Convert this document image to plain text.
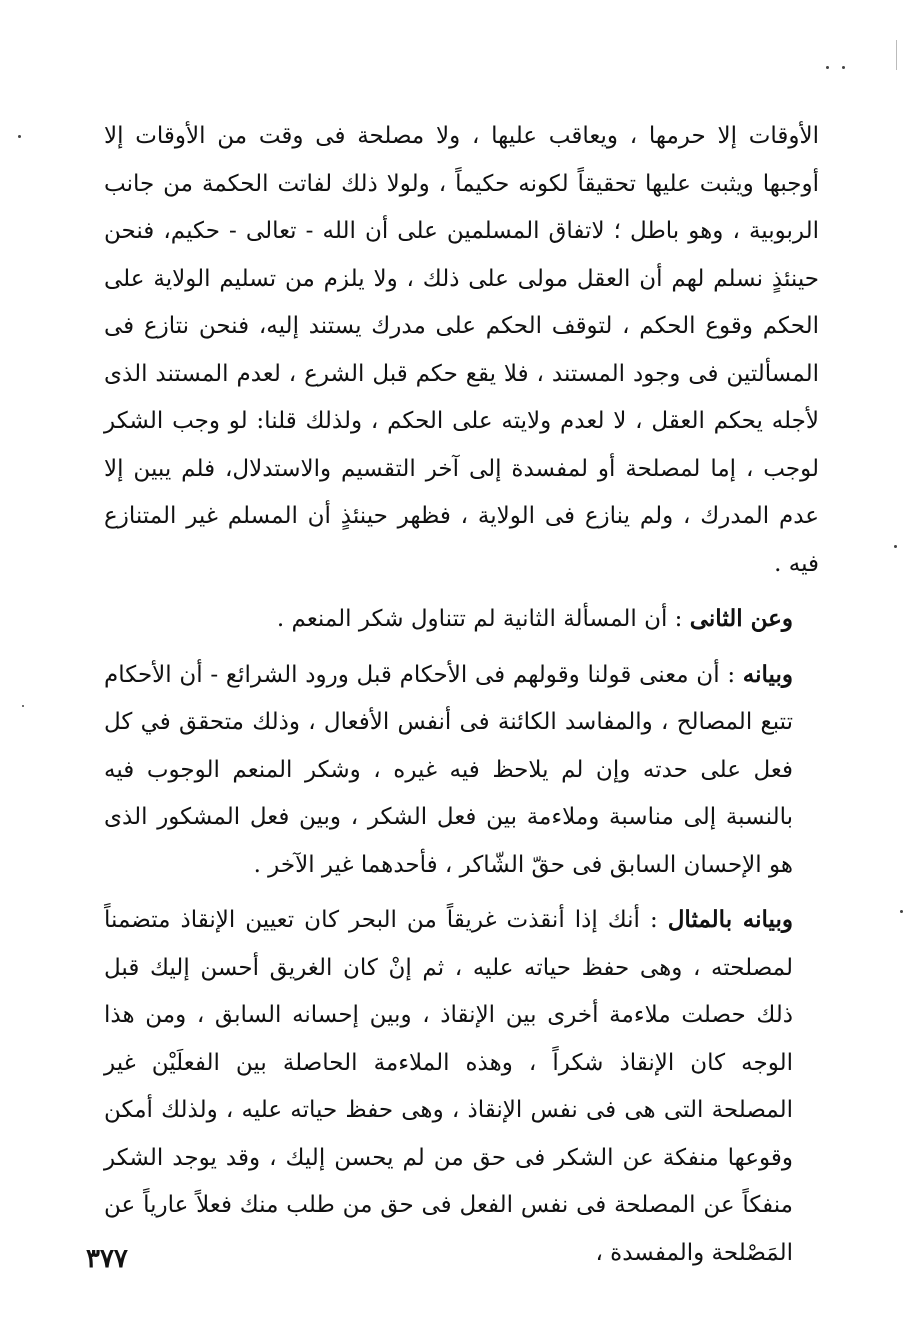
الأوقات إلا حرمها ، ويعاقب عليها ، ولا مصلحة فى وقت من الأوقات إلا أوجبها ويثبت عليها تحقيقاً لكونه حكيماً ، ولولا ذلك لفاتت الحكمة من جانب الربوبية ، وهو باطل ؛ لاتفاق المسلمين على أن الله - تعالى - حكيم، فنحن حينئذٍ نسلم لهم أن العقل مولى على ذلك ، ولا يلزم من تسليم الولاية على الحكم وقوع الحكم ، لتوقف الحكم على مدرك يستند إليه، فنحن نتازع فى المسألتين فى وجود المستند ، فلا يقع حكم قبل الشرع ، لعدم المستند الذى لأجله يحكم العقل ، لا لعدم ولايته على الحكم ، ولذلك قلنا: لو وجب الشكر لوجب ، إما لمصلحة أو لمفسدة إلى آخر التقسيم والاستدلال، فلم يبين إلا عدم المدرك ، ولم ينازع فى الولاية ، فظهر حينئذٍ أن المسلم غير المتنازع فيه .

وعن الثانى : أن المسألة الثانية لم تتناول شكر المنعم .

وبيانه : أن معنى قولنا وقولهم فى الأحكام قبل ورود الشرائع - أن الأحكام تتبع المصالح ، والمفاسد الكائنة فى أنفس الأفعال ، وذلك متحقق في كل فعل على حدته وإن لم يلاحظ فيه غيره ، وشكر المنعم الوجوب فيه بالنسبة إلى مناسبة وملاءمة بين فعل الشكر ، وبين فعل المشكور الذى هو الإحسان السابق فى حقّ الشّاكر ، فأحدهما غير الآخر .

وبيانه بالمثال : أنك إذا أنقذت غريقاً من البحر كان تعيين الإنقاذ متضمناً لمصلحته ، وهى حفظ حياته عليه ، ثم إنْ كان الغريق أحسن إليك قبل ذلك حصلت ملاءمة أخرى بين الإنقاذ ، وبين إحسانه السابق ، ومن هذا الوجه كان الإنقاذ شكراً ، وهذه الملاءمة الحاصلة بين الفعلَيْن غير المصلحة التى هى فى نفس الإنقاذ ، وهى حفظ حياته عليه ، ولذلك أمكن وقوعها منفكة عن الشكر فى حق من لم يحسن إليك ، وقد يوجد الشكر منفكاً عن المصلحة فى نفس الفعل فى حق من طلب منك فعلاً عارياً عن المَصْلحة والمفسدة ،

٣٧٧
